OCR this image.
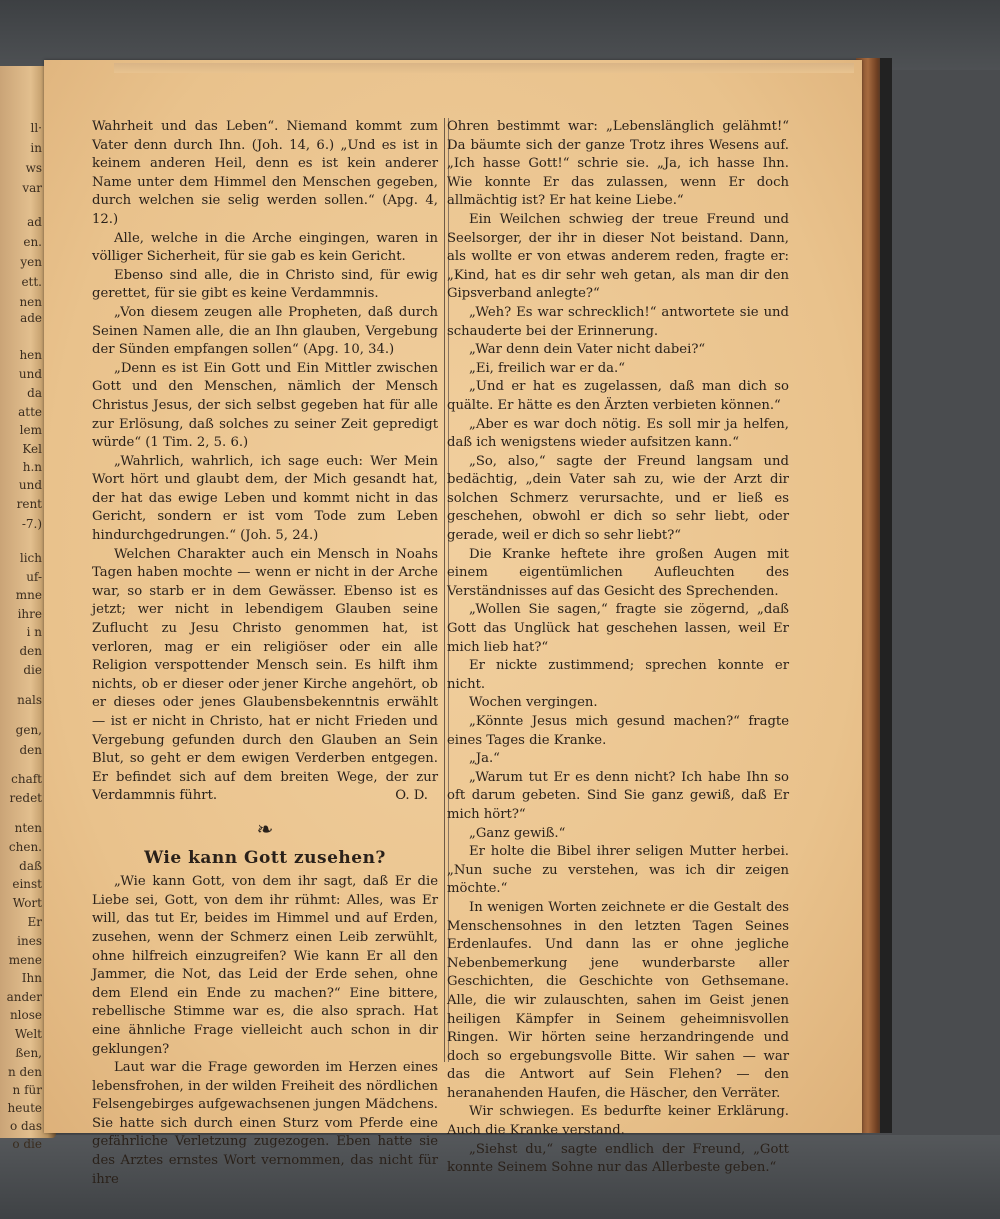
ll·
in
ws
var
ad
en.
yen
ett.
nen
ade
hen
und
da
atte
lem
Kel
h.n
und
rent
-7.)
lich
uf-
mne
ihre
i n
den
die
nals
gen,
den
chaft
redet
nten
chen.
daß
einst
Wort
Er
ines
mene
Ihn
ander
nlose
Welt
ßen,
n den
n für
heute
o das
o die

Wahrheit und das Leben“. Niemand kommt zum Vater denn durch Ihn. (Joh. 14, 6.) „Und es ist in keinem anderen Heil, denn es ist kein anderer Name unter dem Himmel den Menschen gegeben, durch welchen sie selig werden sollen.“ (Apg. 4, 12.)

Alle, welche in die Arche eingingen, waren in völliger Sicherheit, für sie gab es kein Gericht.

Ebenso sind alle, die in Christo sind, für ewig gerettet, für sie gibt es keine Verdammnis.

„Von diesem zeugen alle Propheten, daß durch Seinen Namen alle, die an Ihn glauben, Vergebung der Sünden empfangen sollen“ (Apg. 10, 34.)

„Denn es ist Ein Gott und Ein Mittler zwischen Gott und den Menschen, nämlich der Mensch Christus Jesus, der sich selbst gegeben hat für alle zur Erlösung, daß solches zu seiner Zeit gepredigt würde“ (1 Tim. 2, 5. 6.)

„Wahrlich, wahrlich, ich sage euch: Wer Mein Wort hört und glaubt dem, der Mich gesandt hat, der hat das ewige Leben und kommt nicht in das Gericht, sondern er ist vom Tode zum Leben hindurchgedrungen.“ (Joh. 5, 24.)

Welchen Charakter auch ein Mensch in Noahs Tagen haben mochte — wenn er nicht in der Arche war, so starb er in dem Gewässer. Ebenso ist es jetzt; wer nicht in lebendigem Glauben seine Zuflucht zu Jesu Christo genommen hat, ist verloren, mag er ein religiöser oder ein alle Religion verspottender Mensch sein. Es hilft ihm nichts, ob er dieser oder jener Kirche angehört, ob er dieses oder jenes Glaubensbekenntnis erwählt — ist er nicht in Christo, hat er nicht Frieden und Vergebung gefunden durch den Glauben an Sein Blut, so geht er dem ewigen Verderben entgegen. Er befindet sich auf dem breiten Wege, der zur Verdammnis führt.	O. D.
❧
Wie kann Gott zusehen?

„Wie kann Gott, von dem ihr sagt, daß Er die Liebe sei, Gott, von dem ihr rühmt: Alles, was Er will, das tut Er, beides im Himmel und auf Erden, zusehen, wenn der Schmerz einen Leib zerwühlt, ohne hilfreich einzugreifen? Wie kann Er all den Jammer, die Not, das Leid der Erde sehen, ohne dem Elend ein Ende zu machen?“ Eine bittere, rebellische Stimme war es, die also sprach. Hat eine ähnliche Frage vielleicht auch schon in dir geklungen?

Laut war die Frage geworden im Herzen eines lebensfrohen, in der wilden Freiheit des nördlichen Felsengebirges aufgewachsenen jungen Mädchens. Sie hatte sich durch einen Sturz vom Pferde eine gefährliche Verletzung zugezogen. Eben hatte sie des Arztes ernstes Wort vernommen, das nicht für ihre

Ohren bestimmt war: „Lebenslänglich gelähmt!“ Da bäumte sich der ganze Trotz ihres Wesens auf. „Ich hasse Gott!“ schrie sie. „Ja, ich hasse Ihn. Wie konnte Er das zulassen, wenn Er doch allmächtig ist? Er hat keine Liebe.“

Ein Weilchen schwieg der treue Freund und Seelsorger, der ihr in dieser Not beistand. Dann, als wollte er von etwas anderem reden, fragte er: „Kind, hat es dir sehr weh getan, als man dir den Gipsverband anlegte?“

„Weh? Es war schrecklich!“ antwortete sie und schauderte bei der Erinnerung.

„War denn dein Vater nicht dabei?“

„Ei, freilich war er da.“

„Und er hat es zugelassen, daß man dich so quälte. Er hätte es den Ärzten verbieten können.“

„Aber es war doch nötig. Es soll mir ja helfen, daß ich wenigstens wieder aufsitzen kann.“

„So, also,“ sagte der Freund langsam und bedächtig, „dein Vater sah zu, wie der Arzt dir solchen Schmerz verursachte, und er ließ es geschehen, obwohl er dich so sehr liebt, oder gerade, weil er dich so sehr liebt?“

Die Kranke heftete ihre großen Augen mit einem eigentümlichen Aufleuchten des Verständnisses auf das Gesicht des Sprechenden.

„Wollen Sie sagen,“ fragte sie zögernd, „daß Gott das Unglück hat geschehen lassen, weil Er mich lieb hat?“

Er nickte zustimmend; sprechen konnte er nicht.

Wochen vergingen.

„Könnte Jesus mich gesund machen?“ fragte eines Tages die Kranke.

„Ja.“

„Warum tut Er es denn nicht? Ich habe Ihn so oft darum gebeten. Sind Sie ganz gewiß, daß Er mich hört?“

„Ganz gewiß.“

Er holte die Bibel ihrer seligen Mutter herbei. „Nun suche zu verstehen, was ich dir zeigen möchte.“

In wenigen Worten zeichnete er die Gestalt des Menschensohnes in den letzten Tagen Seines Erdenlaufes. Und dann las er ohne jegliche Nebenbemerkung jene wunderbarste aller Geschichten, die Geschichte von Gethsemane. Alle, die wir zulauschten, sahen im Geist jenen heiligen Kämpfer in Seinem geheimnisvollen Ringen. Wir hörten seine herzandringende und doch so ergebungsvolle Bitte. Wir sahen — war das die Antwort auf Sein Flehen? — den heranahenden Haufen, die Häscher, den Verräter.

Wir schwiegen. Es bedurfte keiner Erklärung. Auch die Kranke verstand.

„Siehst du,“ sagte endlich der Freund, „Gott konnte Seinem Sohne nur das Allerbeste geben.“
